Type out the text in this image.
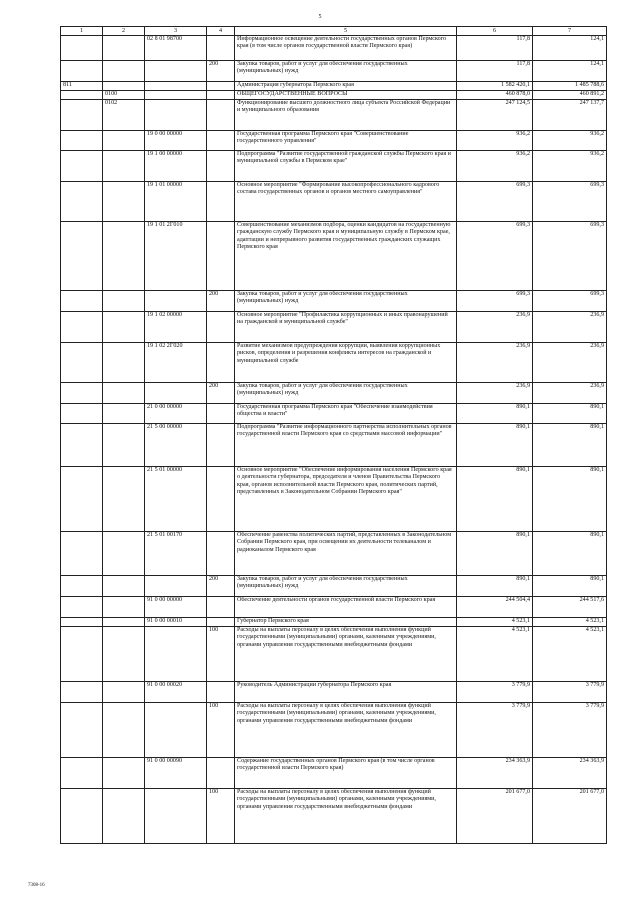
5
1	2	3	4	5	6	7
		02 8 01 98700		Информационное освещение деятельности государственных органов Пермского края (в том числе органов государственной власти Пермского края)	117,8	124,1
			200	Закупка товаров, работ и услуг для обеспечения государственных (муниципальных) нужд	117,8	124,1
811				Администрация губернатора Пермского края	1 582 420,1	1 485 788,6
	0100			ОБЩЕГОСУДАРСТВЕННЫЕ ВОПРОСЫ	460 878,0	460 891,2
	0102			Функционирование высшего должностного лица субъекта Российской Федерации и муниципального образования	247 124,5	247 137,7
		19 0 00 00000		Государственная программа Пермского края "Совершенствование государственного управления"	936,2	936,2
		19 1 00 00000		Подпрограмма "Развитие государственной гражданской службы Пермского края и муниципальной службы в Пермском крае"	936,2	936,2
		19 1 01 00000		Основное мероприятие "Формирование высокопрофессионального кадрового состава государственных органов и органов местного самоуправления"	699,3	699,3
		19 1 01 2Г010		Совершенствование механизмов подбора, оценки кандидатов на государственную гражданскую службу Пермского края и муниципальную службу в Пермском крае, адаптации и непрерывного развития государственных гражданских служащих Пермского края	699,3	699,3
			200	Закупка товаров, работ и услуг для обеспечения государственных (муниципальных) нужд	699,3	699,3
		19 1 02 00000		Основное мероприятие "Профилактика коррупционных и иных правонарушений на гражданской и муниципальной службе"	236,9	236,9
		19 1 02 2Г020		Развитие механизмов предупреждения коррупции, выявления коррупционных рисков, определения и разрешения конфликта интересов на гражданской и муниципальной службе	236,9	236,9
			200	Закупка товаров, работ и услуг для обеспечения государственных (муниципальных) нужд	236,9	236,9
		21 0 00 00000		Государственная программа Пермского края "Обеспечение взаимодействия общества и власти"	890,1	890,1
		21 5 00 00000		Подпрограмма "Развитие информационного партнерства исполнительных органов государственной власти Пермского края со средствами массовой информации"	890,1	890,1
		21 5 01 00000		Основное мероприятие "Обеспечение информирования населения Пермского края о деятельности губернатора, председателя и членов Правительства Пермского края, органов исполнительной власти Пермского края, политических партий, представленных в Законодательном Собрании Пермского края"	890,1	890,1
		21 5 01 00170		Обеспечение равенства политических партий, представленных в Законодательном Собрании Пермского края, при освещении их деятельности телеканалом и радиоканалом Пермского края	890,1	890,1
			200	Закупка товаров, работ и услуг для обеспечения государственных (муниципальных) нужд	890,1	890,1
		91 0 00 00000		Обеспечение деятельности органов государственной власти Пермского края	244 504,4	244 517,6
		91 0 00 00010		Губернатор Пермского края	4 523,1	4 523,1
			100	Расходы на выплаты персоналу в целях обеспечения выполнения функций государственными (муниципальными) органами, казенными учреждениями, органами управления государственными внебюджетными фондами	4 523,1	4 523,1
		91 0 00 00020		Руководитель Администрации губернатора Пермского края	3 779,9	3 779,9
			100	Расходы на выплаты персоналу в целях обеспечения выполнения функций государственными (муниципальными) органами, казенными учреждениями, органами управления государственными внебюджетными фондами	3 779,9	3 779,9
		91 0 00 00090		Содержание государственных органов Пермского края (в том числе органов государственной власти Пермского края)	234 363,9	234 363,9
			100	Расходы на выплаты персоналу в целях обеспечения выполнения функций государственными (муниципальными) органами, казенными учреждениями, органами управления государственными внебюджетными фондами	201 677,0	201 677,0
7308-16
